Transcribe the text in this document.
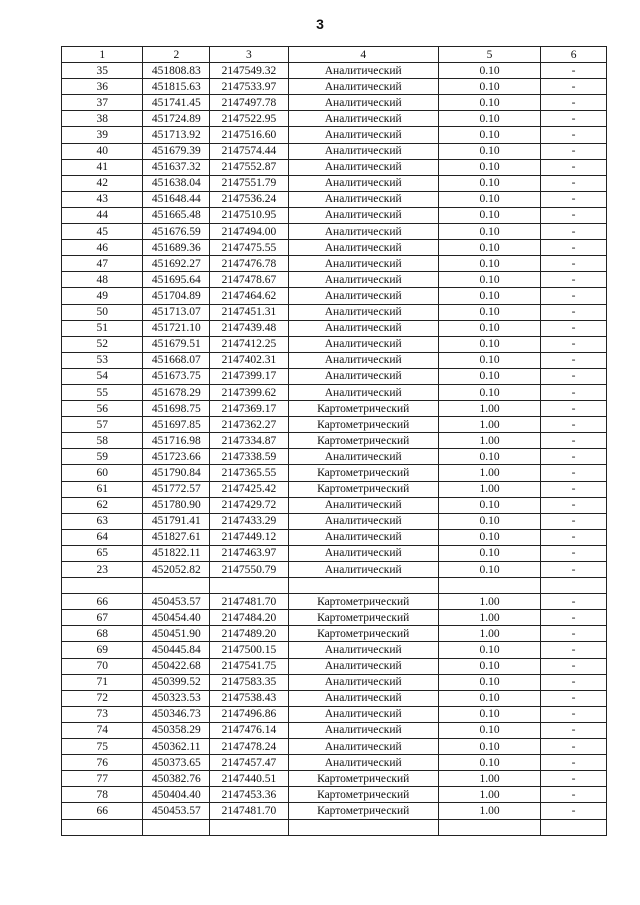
3
1	2	3	4	5	6
35	451808.83	2147549.32	Аналитический	0.10	-
36	451815.63	2147533.97	Аналитический	0.10	-
37	451741.45	2147497.78	Аналитический	0.10	-
38	451724.89	2147522.95	Аналитический	0.10	-
39	451713.92	2147516.60	Аналитический	0.10	-
40	451679.39	2147574.44	Аналитический	0.10	-
41	451637.32	2147552.87	Аналитический	0.10	-
42	451638.04	2147551.79	Аналитический	0.10	-
43	451648.44	2147536.24	Аналитический	0.10	-
44	451665.48	2147510.95	Аналитический	0.10	-
45	451676.59	2147494.00	Аналитический	0.10	-
46	451689.36	2147475.55	Аналитический	0.10	-
47	451692.27	2147476.78	Аналитический	0.10	-
48	451695.64	2147478.67	Аналитический	0.10	-
49	451704.89	2147464.62	Аналитический	0.10	-
50	451713.07	2147451.31	Аналитический	0.10	-
51	451721.10	2147439.48	Аналитический	0.10	-
52	451679.51	2147412.25	Аналитический	0.10	-
53	451668.07	2147402.31	Аналитический	0.10	-
54	451673.75	2147399.17	Аналитический	0.10	-
55	451678.29	2147399.62	Аналитический	0.10	-
56	451698.75	2147369.17	Картометрический	1.00	-
57	451697.85	2147362.27	Картометрический	1.00	-
58	451716.98	2147334.87	Картометрический	1.00	-
59	451723.66	2147338.59	Аналитический	0.10	-
60	451790.84	2147365.55	Картометрический	1.00	-
61	451772.57	2147425.42	Картометрический	1.00	-
62	451780.90	2147429.72	Аналитический	0.10	-
63	451791.41	2147433.29	Аналитический	0.10	-
64	451827.61	2147449.12	Аналитический	0.10	-
65	451822.11	2147463.97	Аналитический	0.10	-
23	452052.82	2147550.79	Аналитический	0.10	-

66	450453.57	2147481.70	Картометрический	1.00	-
67	450454.40	2147484.20	Картометрический	1.00	-
68	450451.90	2147489.20	Картометрический	1.00	-
69	450445.84	2147500.15	Аналитический	0.10	-
70	450422.68	2147541.75	Аналитический	0.10	-
71	450399.52	2147583.35	Аналитический	0.10	-
72	450323.53	2147538.43	Аналитический	0.10	-
73	450346.73	2147496.86	Аналитический	0.10	-
74	450358.29	2147476.14	Аналитический	0.10	-
75	450362.11	2147478.24	Аналитический	0.10	-
76	450373.65	2147457.47	Аналитический	0.10	-
77	450382.76	2147440.51	Картометрический	1.00	-
78	450404.40	2147453.36	Картометрический	1.00	-
66	450453.57	2147481.70	Картометрический	1.00	-
